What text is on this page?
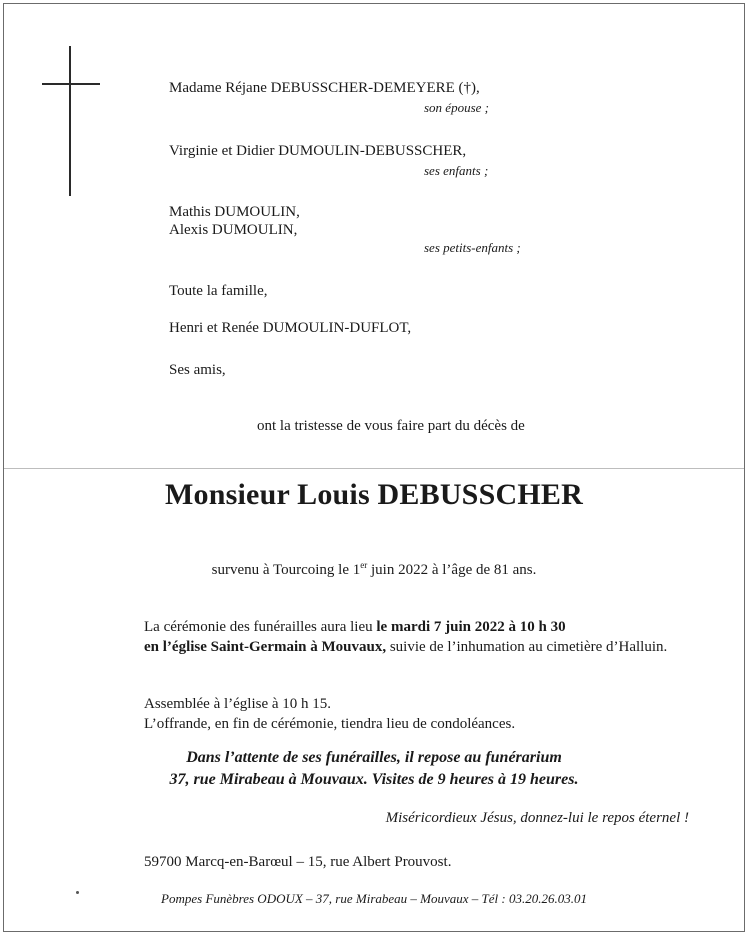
Madame Réjane DEBUSSCHER-DEMEYERE (†),
son épouse ;
Virginie et Didier DUMOULIN-DEBUSSCHER,
ses enfants ;
Mathis DUMOULIN,
Alexis DUMOULIN,
ses petits-enfants ;
Toute la famille,
Henri et Renée DUMOULIN-DUFLOT,
Ses amis,
ont la tristesse de vous faire part du décès de
Monsieur Louis DEBUSSCHER
survenu à Tourcoing le 1er juin 2022 à l’âge de 81 ans.
La cérémonie des funérailles aura lieu le mardi 7 juin 2022 à 10 h 30
en l’église Saint-Germain à Mouvaux, suivie de l’inhumation au cimetière d’Halluin.
Assemblée à l’église à 10 h 15.
L’offrande, en fin de cérémonie, tiendra lieu de condoléances.
Dans l’attente de ses funérailles, il repose au funérarium
37, rue Mirabeau à Mouvaux. Visites de 9 heures à 19 heures.
Miséricordieux Jésus, donnez-lui le repos éternel !
59700 Marcq-en-Barœul – 15, rue Albert Prouvost.
Pompes Funèbres ODOUX – 37, rue Mirabeau – Mouvaux – Tél : 03.20.26.03.01
